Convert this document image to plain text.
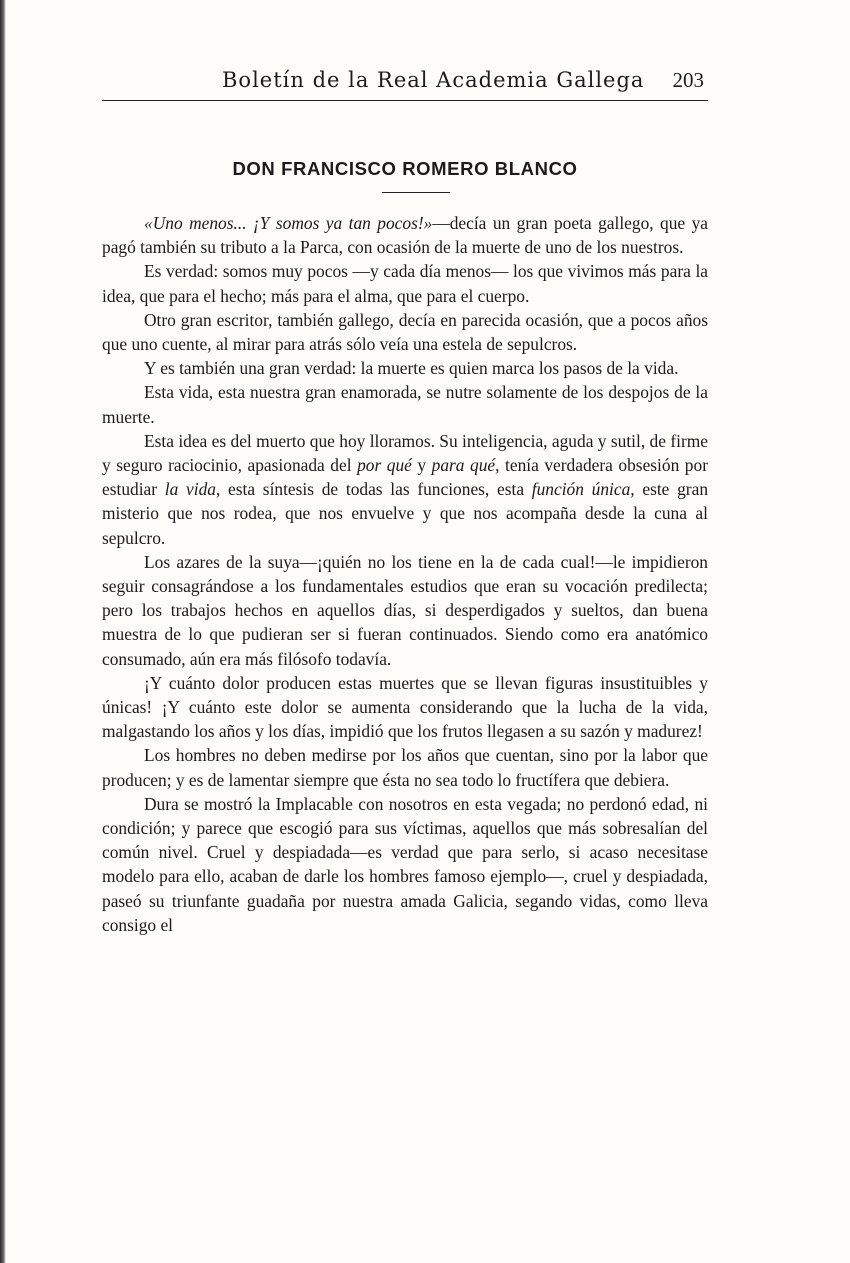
Boletín de la Real Academia Gallega 203
DON FRANCISCO ROMERO BLANCO

«Uno menos... ¡Y somos ya tan pocos!»—decía un gran poeta gallego, que ya pagó también su tributo a la Parca, con ocasión de la muerte de uno de los nuestros.

Es verdad: somos muy pocos —y cada día menos— los que vivimos más para la idea, que para el hecho; más para el alma, que para el cuerpo.

Otro gran escritor, también gallego, decía en parecida ocasión, que a pocos años que uno cuente, al mirar para atrás sólo veía una estela de sepulcros.

Y es también una gran verdad: la muerte es quien marca los pasos de la vida.

Esta vida, esta nuestra gran enamorada, se nutre solamente de los despojos de la muerte.

Esta idea es del muerto que hoy lloramos. Su inteligencia, aguda y sutil, de firme y seguro raciocinio, apasionada del por qué y para qué, tenía verdadera obsesión por estudiar la vida, esta síntesis de todas las funciones, esta función única, este gran misterio que nos rodea, que nos envuelve y que nos acompaña desde la cuna al sepulcro.

Los azares de la suya—¡quién no los tiene en la de cada cual!—le impidieron seguir consagrándose a los fundamentales estudios que eran su vocación predilecta; pero los trabajos hechos en aquellos días, si desperdigados y sueltos, dan buena muestra de lo que pudieran ser si fueran continuados. Siendo como era anatómico consumado, aún era más filósofo todavía.

¡Y cuánto dolor producen estas muertes que se llevan figuras insustituibles y únicas! ¡Y cuánto este dolor se aumenta considerando que la lucha de la vida, malgastando los años y los días, impidió que los frutos llegasen a su sazón y madurez!

Los hombres no deben medirse por los años que cuentan, sino por la labor que producen; y es de lamentar siempre que ésta no sea todo lo fructífera que debiera.

Dura se mostró la Implacable con nosotros en esta vegada; no perdonó edad, ni condición; y parece que escogió para sus víctimas, aquellos que más sobresalían del común nivel. Cruel y despiadada—es verdad que para serlo, si acaso necesitase modelo para ello, acaban de darle los hombres famoso ejemplo—, cruel y despiadada, paseó su triunfante guadaña por nuestra amada Galicia, segando vidas, como lleva consigo el
